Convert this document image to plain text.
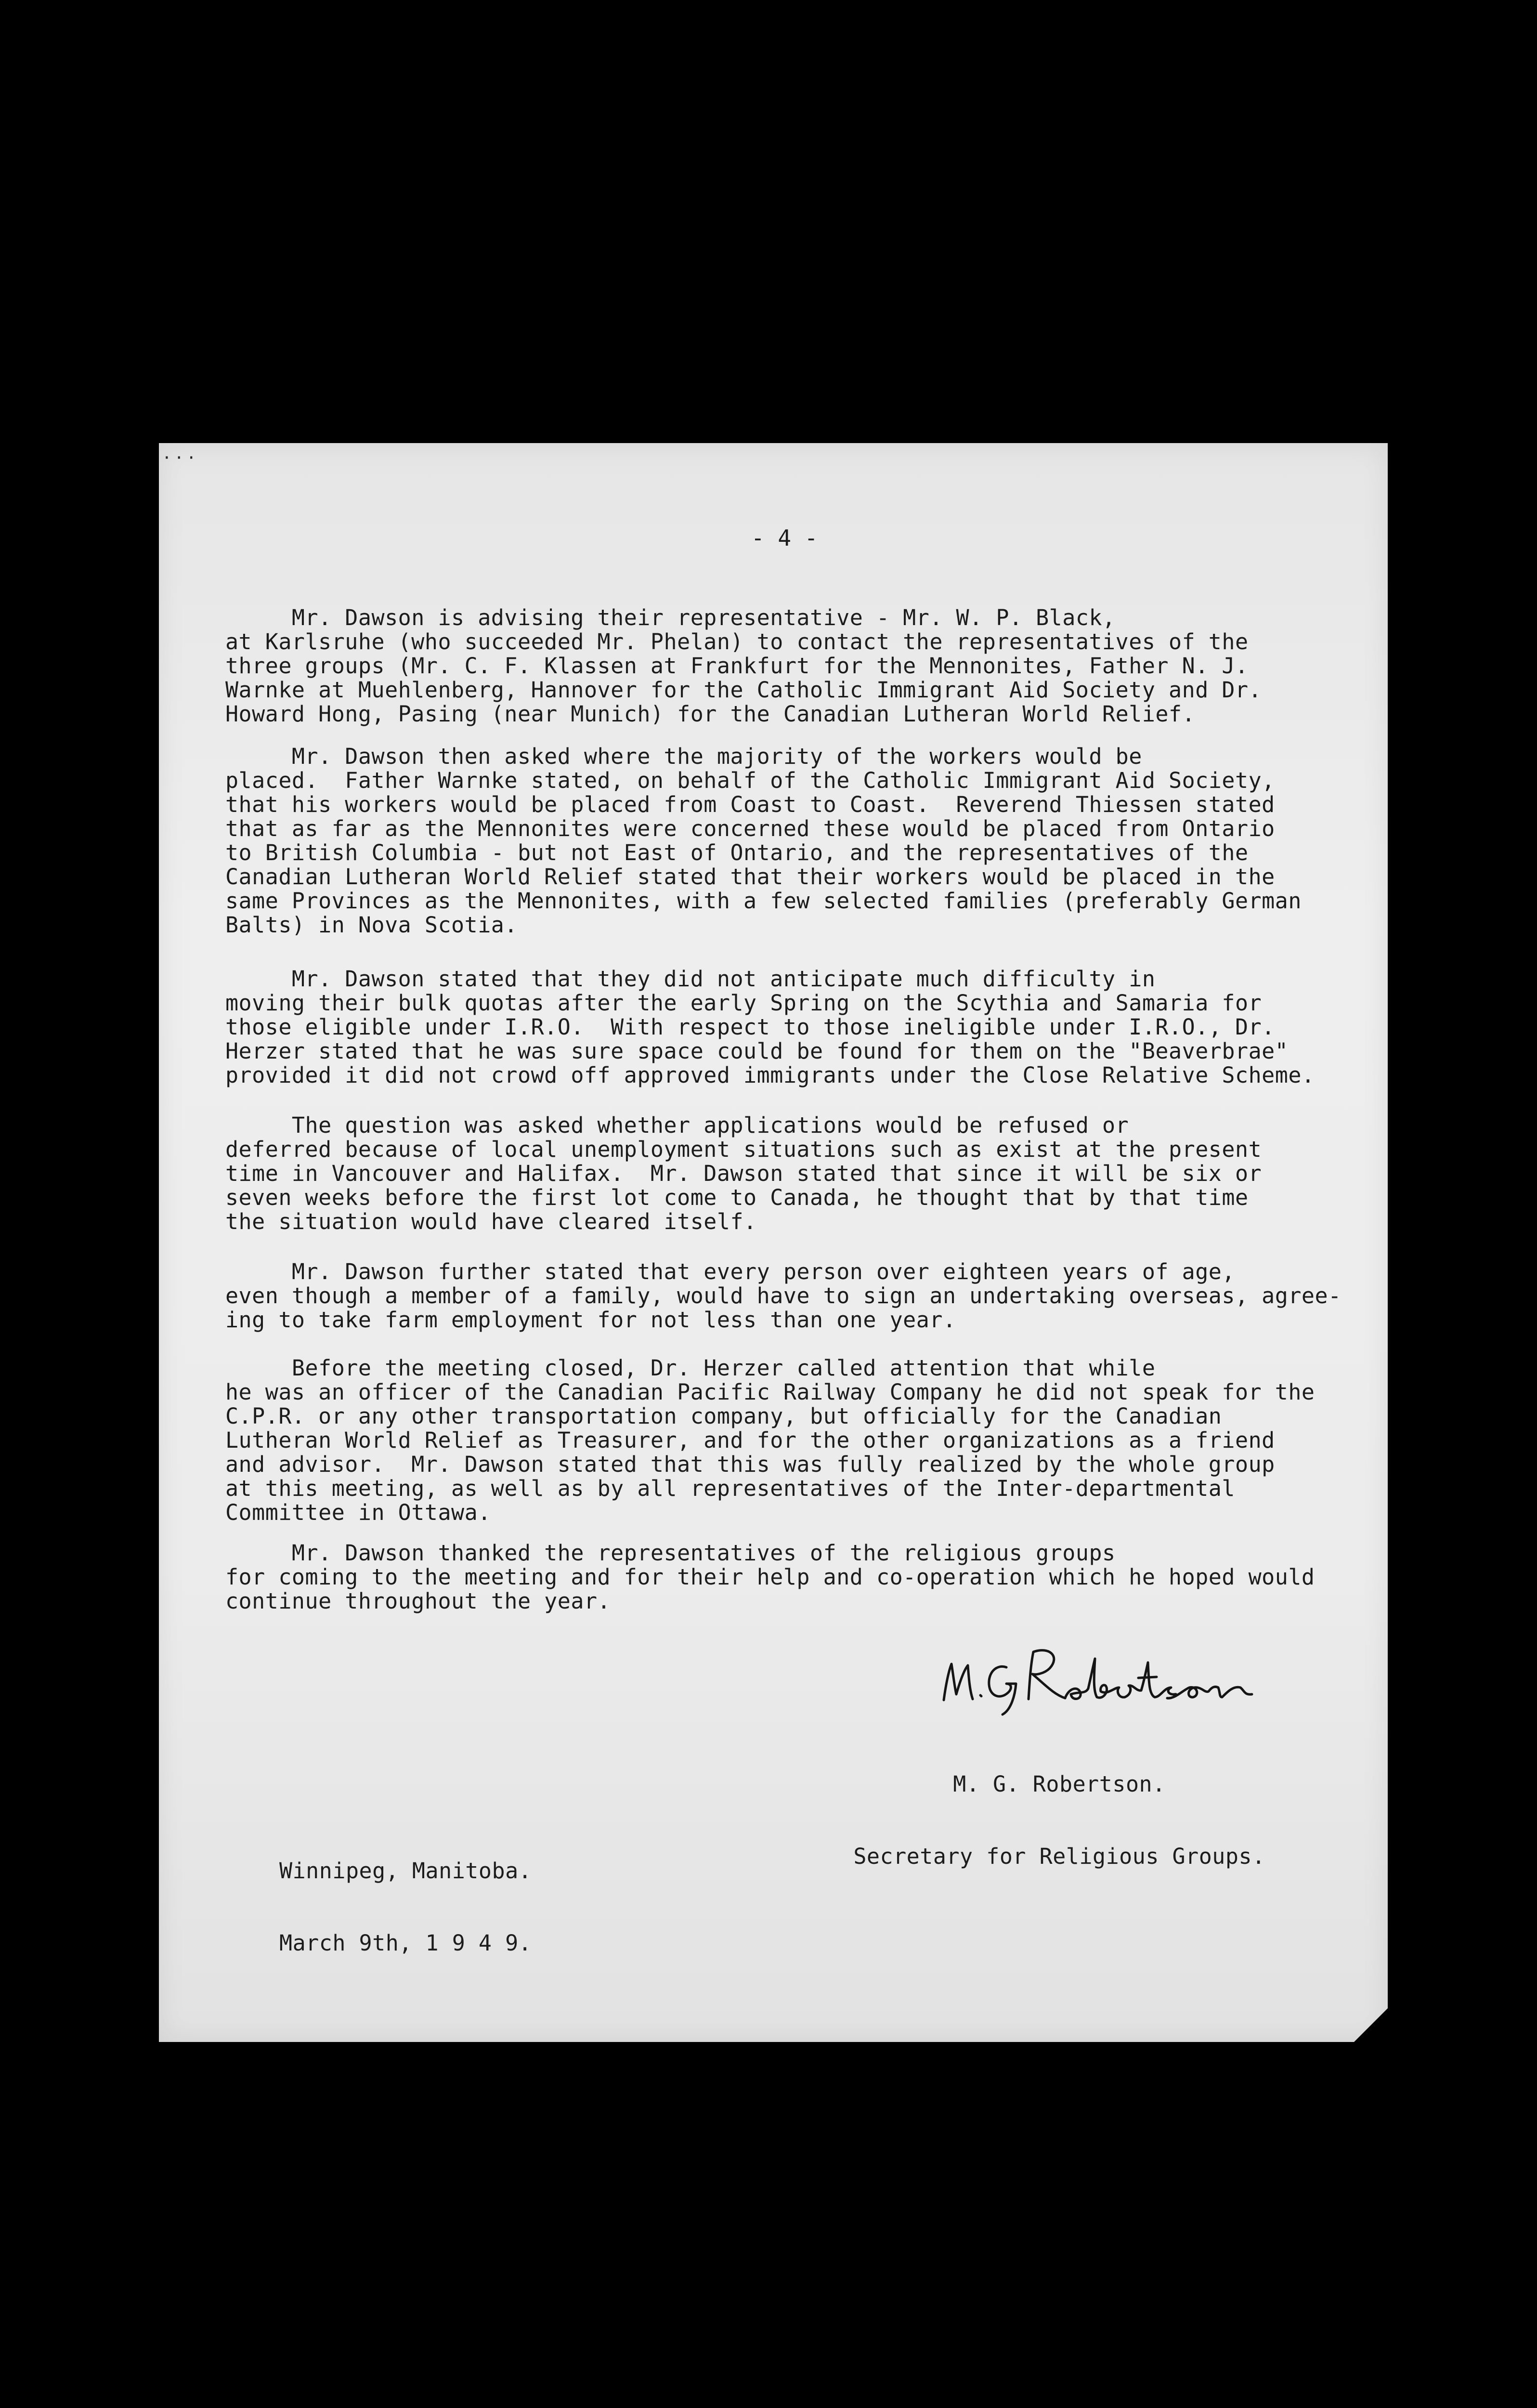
· · ·
- 4 -
Mr. Dawson is advising their representative - Mr. W. P. Black,
at Karlsruhe (who succeeded Mr. Phelan) to contact the representatives of the
three groups (Mr. C. F. Klassen at Frankfurt for the Mennonites, Father N. J.
Warnke at Muehlenberg, Hannover for the Catholic Immigrant Aid Society and Dr.
Howard Hong, Pasing (near Munich) for the Canadian Lutheran World Relief.
Mr. Dawson then asked where the majority of the workers would be
placed.  Father Warnke stated, on behalf of the Catholic Immigrant Aid Society,
that his workers would be placed from Coast to Coast.  Reverend Thiessen stated
that as far as the Mennonites were concerned these would be placed from Ontario
to British Columbia - but not East of Ontario, and the representatives of the
Canadian Lutheran World Relief stated that their workers would be placed in the
same Provinces as the Mennonites, with a few selected families (preferably German
Balts) in Nova Scotia.
Mr. Dawson stated that they did not anticipate much difficulty in
moving their bulk quotas after the early Spring on the Scythia and Samaria for
those eligible under I.R.O.  With respect to those ineligible under I.R.O., Dr.
Herzer stated that he was sure space could be found for them on the "Beaverbrae"
provided it did not crowd off approved immigrants under the Close Relative Scheme.
The question was asked whether applications would be refused or
deferred because of local unemployment situations such as exist at the present
time in Vancouver and Halifax.  Mr. Dawson stated that since it will be six or
seven weeks before the first lot come to Canada, he thought that by that time
the situation would have cleared itself.
Mr. Dawson further stated that every person over eighteen years of age,
even though a member of a family, would have to sign an undertaking overseas, agree-
ing to take farm employment for not less than one year.
Before the meeting closed, Dr. Herzer called attention that while
he was an officer of the Canadian Pacific Railway Company he did not speak for the
C.P.R. or any other transportation company, but officially for the Canadian
Lutheran World Relief as Treasurer, and for the other organizations as a friend
and advisor.  Mr. Dawson stated that this was fully realized by the whole group
at this meeting, as well as by all representatives of the Inter-departmental
Committee in Ottawa.
Mr. Dawson thanked the representatives of the religious groups
for coming to the meeting and for their help and co-operation which he hoped would
continue throughout the year.

M. G. Robertson.

Secretary for Religious Groups.

Winnipeg, Manitoba.

March 9th, 1 9 4 9.
